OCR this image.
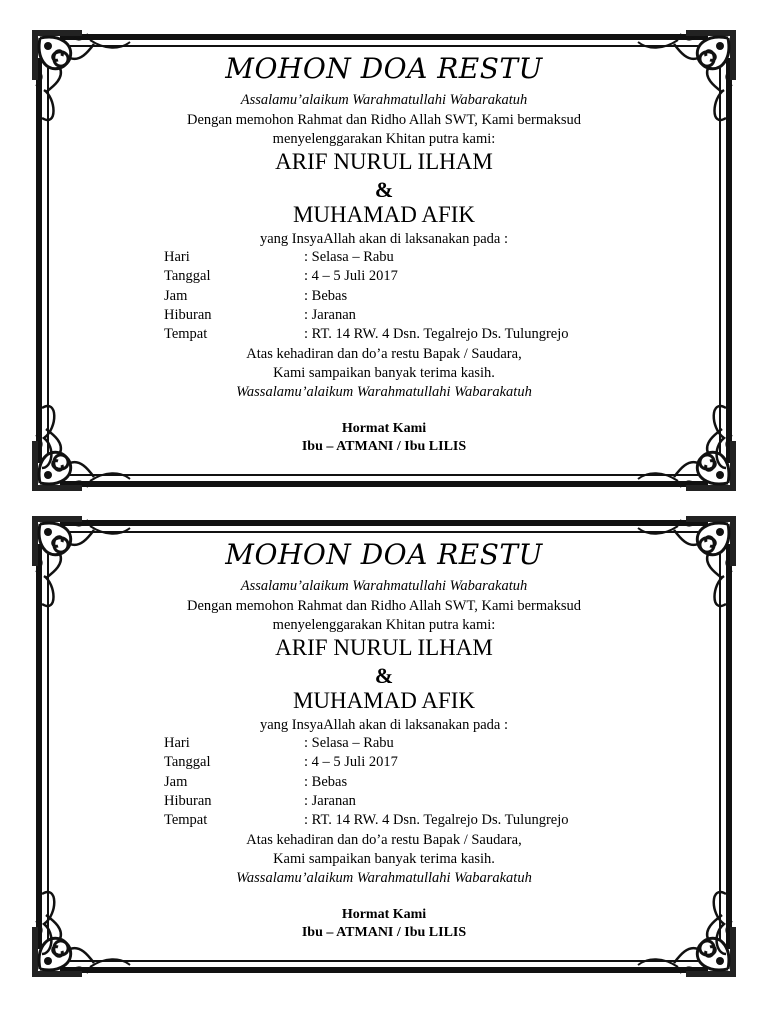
MOHON DOA RESTU
Assalamu’alaikum Warahmatullahi Wabarakatuh
Dengan memohon Rahmat dan Ridho Allah SWT, Kami bermaksud
menyelenggarakan Khitan putra kami:
ARIF NURUL ILHAM
&
MUHAMAD AFIK
yang InsyaAllah akan di laksanakan pada :
Hari	: Selasa – Rabu
Tanggal	: 4 – 5 Juli 2017
Jam	: Bebas
Hiburan	: Jaranan
Tempat	: RT. 14 RW. 4 Dsn. Tegalrejo Ds. Tulungrejo
Atas kehadiran dan do’a restu Bapak / Saudara,
Kami sampaikan banyak terima kasih.
Wassalamu’alaikum Warahmatullahi Wabarakatuh
Hormat Kami
Ibu – ATMANI / Ibu LILIS
MOHON DOA RESTU
Assalamu’alaikum Warahmatullahi Wabarakatuh
Dengan memohon Rahmat dan Ridho Allah SWT, Kami bermaksud
menyelenggarakan Khitan putra kami:
ARIF NURUL ILHAM
&
MUHAMAD AFIK
yang InsyaAllah akan di laksanakan pada :
Hari	: Selasa – Rabu
Tanggal	: 4 – 5 Juli 2017
Jam	: Bebas
Hiburan	: Jaranan
Tempat	: RT. 14 RW. 4 Dsn. Tegalrejo Ds. Tulungrejo
Atas kehadiran dan do’a restu Bapak / Saudara,
Kami sampaikan banyak terima kasih.
Wassalamu’alaikum Warahmatullahi Wabarakatuh
Hormat Kami
Ibu – ATMANI / Ibu LILIS
